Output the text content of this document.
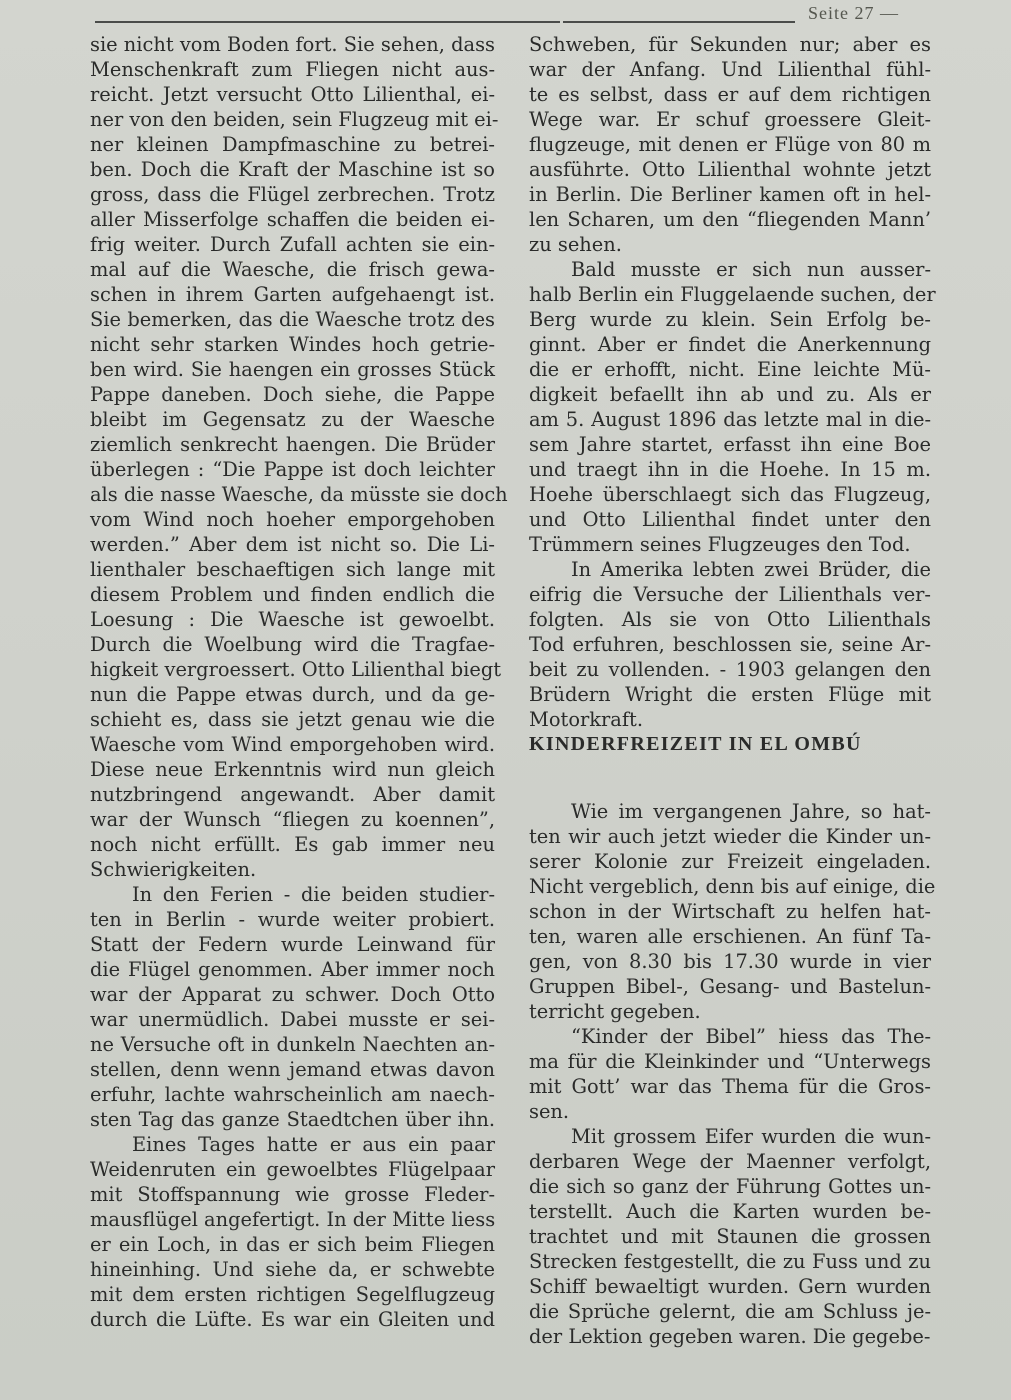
Seite 27 —

sie nicht vom Boden fort. Sie sehen, dass
Menschenkraft zum Fliegen nicht aus-
reicht. Jetzt versucht Otto Lilienthal, ei-
ner von den beiden, sein Flugzeug mit ei-
ner kleinen Dampfmaschine zu betrei-
ben. Doch die Kraft der Maschine ist so
gross, dass die Flügel zerbrechen. Trotz
aller Misserfolge schaffen die beiden ei-
frig weiter. Durch Zufall achten sie ein-
mal auf die Waesche, die frisch gewa-
schen in ihrem Garten aufgehaengt ist.
Sie bemerken, das die Waesche trotz des
nicht sehr starken Windes hoch getrie-
ben wird. Sie haengen ein grosses Stück
Pappe daneben. Doch siehe, die Pappe
bleibt im Gegensatz zu der Waesche
ziemlich senkrecht haengen. Die Brüder
überlegen : “Die Pappe ist doch leichter
als die nasse Waesche, da müsste sie doch
vom Wind noch hoeher emporgehoben
werden.” Aber dem ist nicht so. Die Li-
lienthaler beschaeftigen sich lange mit
diesem Problem und finden endlich die
Loesung : Die Waesche ist gewoelbt.
Durch die Woelbung wird die Tragfae-
higkeit vergroessert. Otto Lilienthal biegt
nun die Pappe etwas durch, und da ge-
schieht es, dass sie jetzt genau wie die
Waesche vom Wind emporgehoben wird.
Diese neue Erkenntnis wird nun gleich
nutzbringend angewandt. Aber damit
war der Wunsch “fliegen zu koennen”,
noch nicht erfüllt. Es gab immer neu
Schwierigkeiten.

In den Ferien - die beiden studier-
ten in Berlin - wurde weiter probiert.
Statt der Federn wurde Leinwand für
die Flügel genommen. Aber immer noch
war der Apparat zu schwer. Doch Otto
war unermüdlich. Dabei musste er sei-
ne Versuche oft in dunkeln Naechten an-
stellen, denn wenn jemand etwas davon
erfuhr, lachte wahrscheinlich am naech-
sten Tag das ganze Staedtchen über ihn.

Eines Tages hatte er aus ein paar
Weidenruten ein gewoelbtes Flügelpaar
mit Stoffspannung wie grosse Fleder-
mausflügel angefertigt. In der Mitte liess
er ein Loch, in das er sich beim Fliegen
hineinhing. Und siehe da, er schwebte
mit dem ersten richtigen Segelflugzeug
durch die Lüfte. Es war ein Gleiten und

Schweben, für Sekunden nur; aber es
war der Anfang. Und Lilienthal fühl-
te es selbst, dass er auf dem richtigen
Wege war. Er schuf groessere Gleit-
flugzeuge, mit denen er Flüge von 80 m
ausführte. Otto Lilienthal wohnte jetzt
in Berlin. Die Berliner kamen oft in hel-
len Scharen, um den “fliegenden Mann’
zu sehen.

Bald musste er sich nun ausser-
halb Berlin ein Fluggelaende suchen, der
Berg wurde zu klein. Sein Erfolg be-
ginnt. Aber er findet die Anerkennung
die er erhofft, nicht. Eine leichte Mü-
digkeit befaellt ihn ab und zu. Als er
am 5. August 1896 das letzte mal in die-
sem Jahre startet, erfasst ihn eine Boe
und traegt ihn in die Hoehe. In 15 m.
Hoehe überschlaegt sich das Flugzeug,
und Otto Lilienthal findet unter den
Trümmern seines Flugzeuges den Tod.

In Amerika lebten zwei Brüder, die
eifrig die Versuche der Lilienthals ver-
folgten. Als sie von Otto Lilienthals
Tod erfuhren, beschlossen sie, seine Ar-
beit zu vollenden. - 1903 gelangen den
Brüdern Wright die ersten Flüge mit
Motorkraft.

KINDERFREIZEIT IN EL OMBÚ

Wie im vergangenen Jahre, so hat-
ten wir auch jetzt wieder die Kinder un-
serer Kolonie zur Freizeit eingeladen.
Nicht vergeblich, denn bis auf einige, die
schon in der Wirtschaft zu helfen hat-
ten, waren alle erschienen. An fünf Ta-
gen, von 8.30 bis 17.30 wurde in vier
Gruppen Bibel-, Gesang- und Bastelun-
terricht gegeben.

“Kinder der Bibel” hiess das The-
ma für die Kleinkinder und “Unterwegs
mit Gott’ war das Thema für die Gros-
sen.

Mit grossem Eifer wurden die wun-
derbaren Wege der Maenner verfolgt,
die sich so ganz der Führung Gottes un-
terstellt. Auch die Karten wurden be-
trachtet und mit Staunen die grossen
Strecken festgestellt, die zu Fuss und zu
Schiff bewaeltigt wurden. Gern wurden
die Sprüche gelernt, die am Schluss je-
der Lektion gegeben waren. Die gegebe-
